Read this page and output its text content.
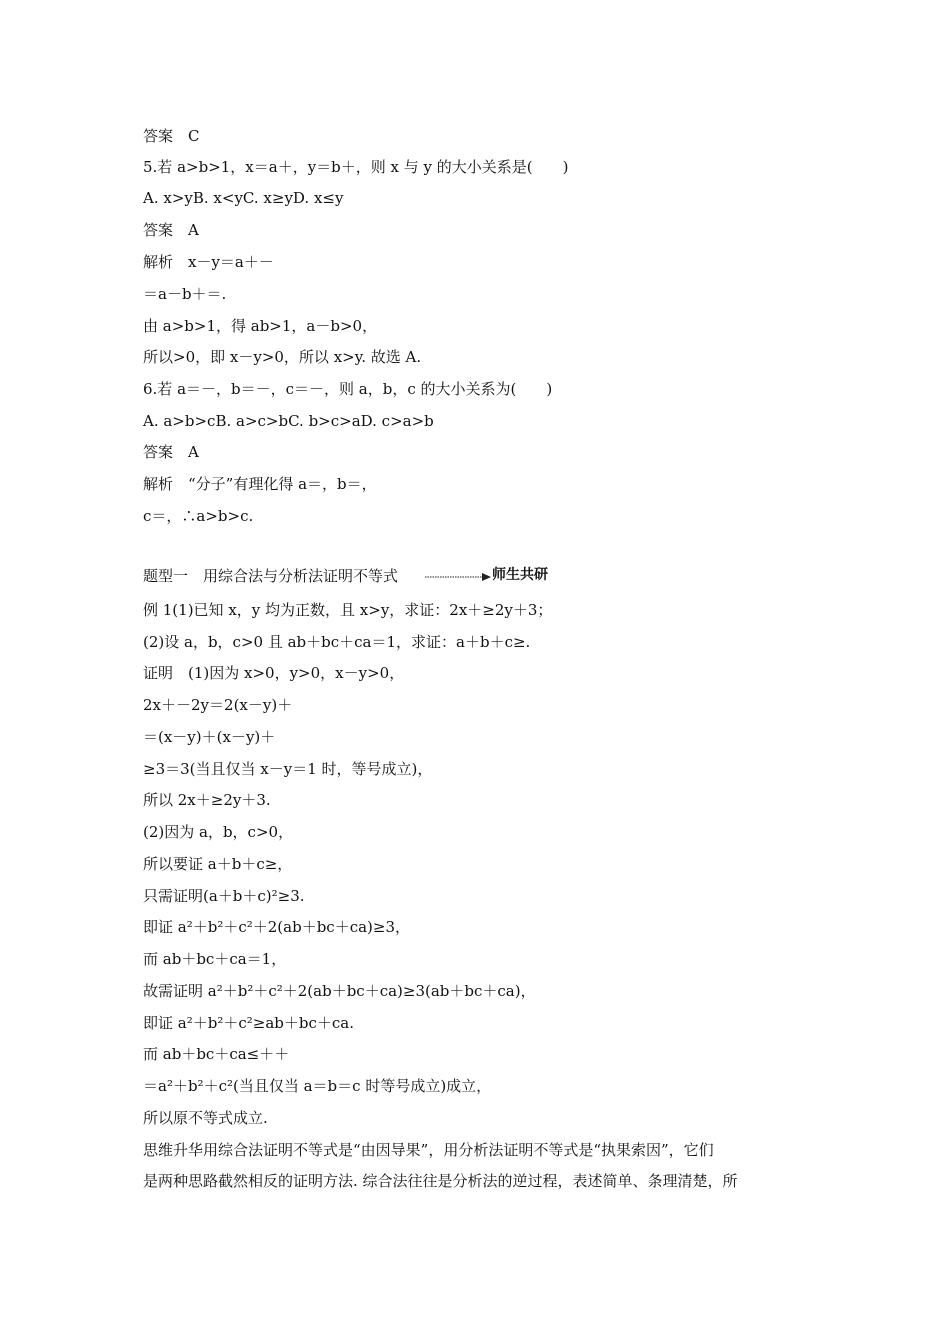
答案　C
5.若 a>b>1，x＝a＋，y＝b＋，则 x 与 y 的大小关系是(　　)
A. x>yB. x<yC. x≥yD. x≤y
答案　A
解析　x－y＝a＋－
＝a－b＋＝.
由 a>b>1，得 ab>1，a－b>0，
所以>0，即 x－y>0，所以 x>y. 故选 A.
6.若 a＝－，b＝－，c＝－，则 a，b，c 的大小关系为(　　)
A. a>b>cB. a>c>bC. b>c>aD. c>a>b
答案　A
解析　“分子”有理化得 a＝，b＝，
c＝，∴a>b>c.
题型一　用综合法与分析法证明不等式	师生共研
例 1(1)已知 x，y 均为正数，且 x>y，求证：2x＋≥2y＋3；
(2)设 a，b，c>0 且 ab＋bc＋ca＝1，求证：a＋b＋c≥.
证明　(1)因为 x>0，y>0，x－y>0，
2x＋－2y＝2(x－y)＋
＝(x－y)＋(x－y)＋
≥3＝3(当且仅当 x－y＝1 时，等号成立)，
所以 2x＋≥2y＋3.
(2)因为 a，b，c>0，
所以要证 a＋b＋c≥，
只需证明(a＋b＋c)²≥3.
即证 a²＋b²＋c²＋2(ab＋bc＋ca)≥3，
而 ab＋bc＋ca＝1，
故需证明 a²＋b²＋c²＋2(ab＋bc＋ca)≥3(ab＋bc＋ca)，
即证 a²＋b²＋c²≥ab＋bc＋ca.
而 ab＋bc＋ca≤＋＋
＝a²＋b²＋c²(当且仅当 a＝b＝c 时等号成立)成立，
所以原不等式成立.
思维升华用综合法证明不等式是“由因导果”，用分析法证明不等式是“执果索因”，它们
是两种思路截然相反的证明方法. 综合法往往是分析法的逆过程，表述简单、条理清楚，所
